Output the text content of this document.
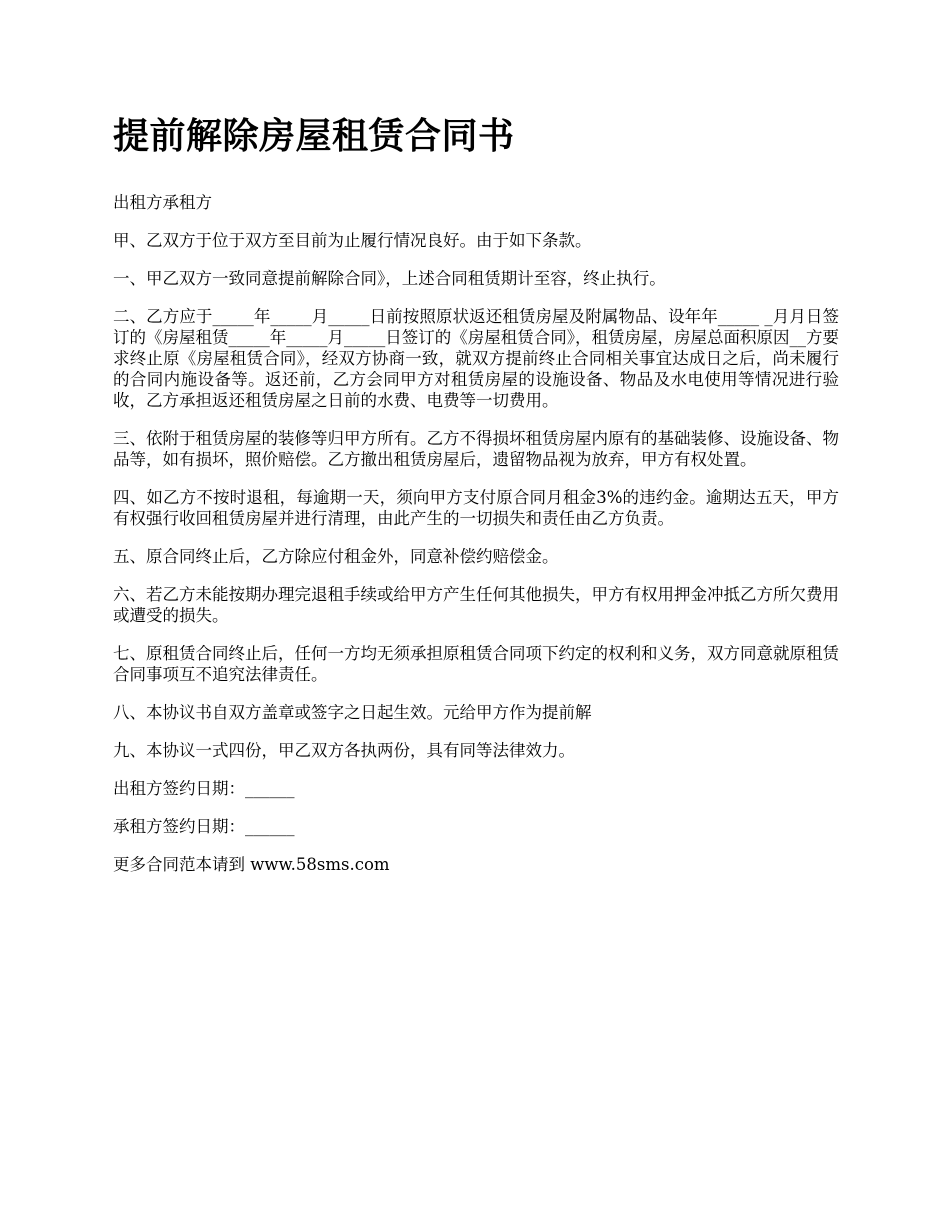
提前解除房屋租赁合同书

出租方承租方

甲、乙双方于位于双方至目前为止履行情况良好。由于如下条款。

一、甲乙双方一致同意提前解除合同》，上述合同租赁期计至容，终止执行。

二、乙方应于_____年_____月_____日前按照原状返还租赁房屋及附属物品、设年年_____ _月月日签订的《房屋租赁_____年_____月_____日签订的《房屋租赁合同》，租赁房屋，房屋总面积原因__方要求终止原《房屋租赁合同》，经双方协商一致，就双方提前终止合同相关事宜达成日之后，尚未履行的合同内施设备等。返还前，乙方会同甲方对租赁房屋的设施设备、物品及水电使用等情况进行验收，乙方承担返还租赁房屋之日前的水费、电费等一切费用。

三、依附于租赁房屋的装修等归甲方所有。乙方不得损坏租赁房屋内原有的基础装修、设施设备、物品等，如有损坏，照价赔偿。乙方撤出租赁房屋后，遗留物品视为放弃，甲方有权处置。

四、如乙方不按时退租，每逾期一天，须向甲方支付原合同月租金3%的违约金。逾期达五天，甲方有权强行收回租赁房屋并进行清理，由此产生的一切损失和责任由乙方负责。

五、原合同终止后，乙方除应付租金外，同意补偿约赔偿金。

六、若乙方未能按期办理完退租手续或给甲方产生任何其他损失，甲方有权用押金冲抵乙方所欠费用或遭受的损失。

七、原租赁合同终止后，任何一方均无须承担原租赁合同项下约定的权利和义务，双方同意就原租赁合同事项互不追究法律责任。

八、本协议书自双方盖章或签字之日起生效。元给甲方作为提前解

九、本协议一式四份，甲乙双方各执两份，具有同等法律效力。

出租方签约日期：______

承租方签约日期：______

更多合同范本请到 www.58sms.com
